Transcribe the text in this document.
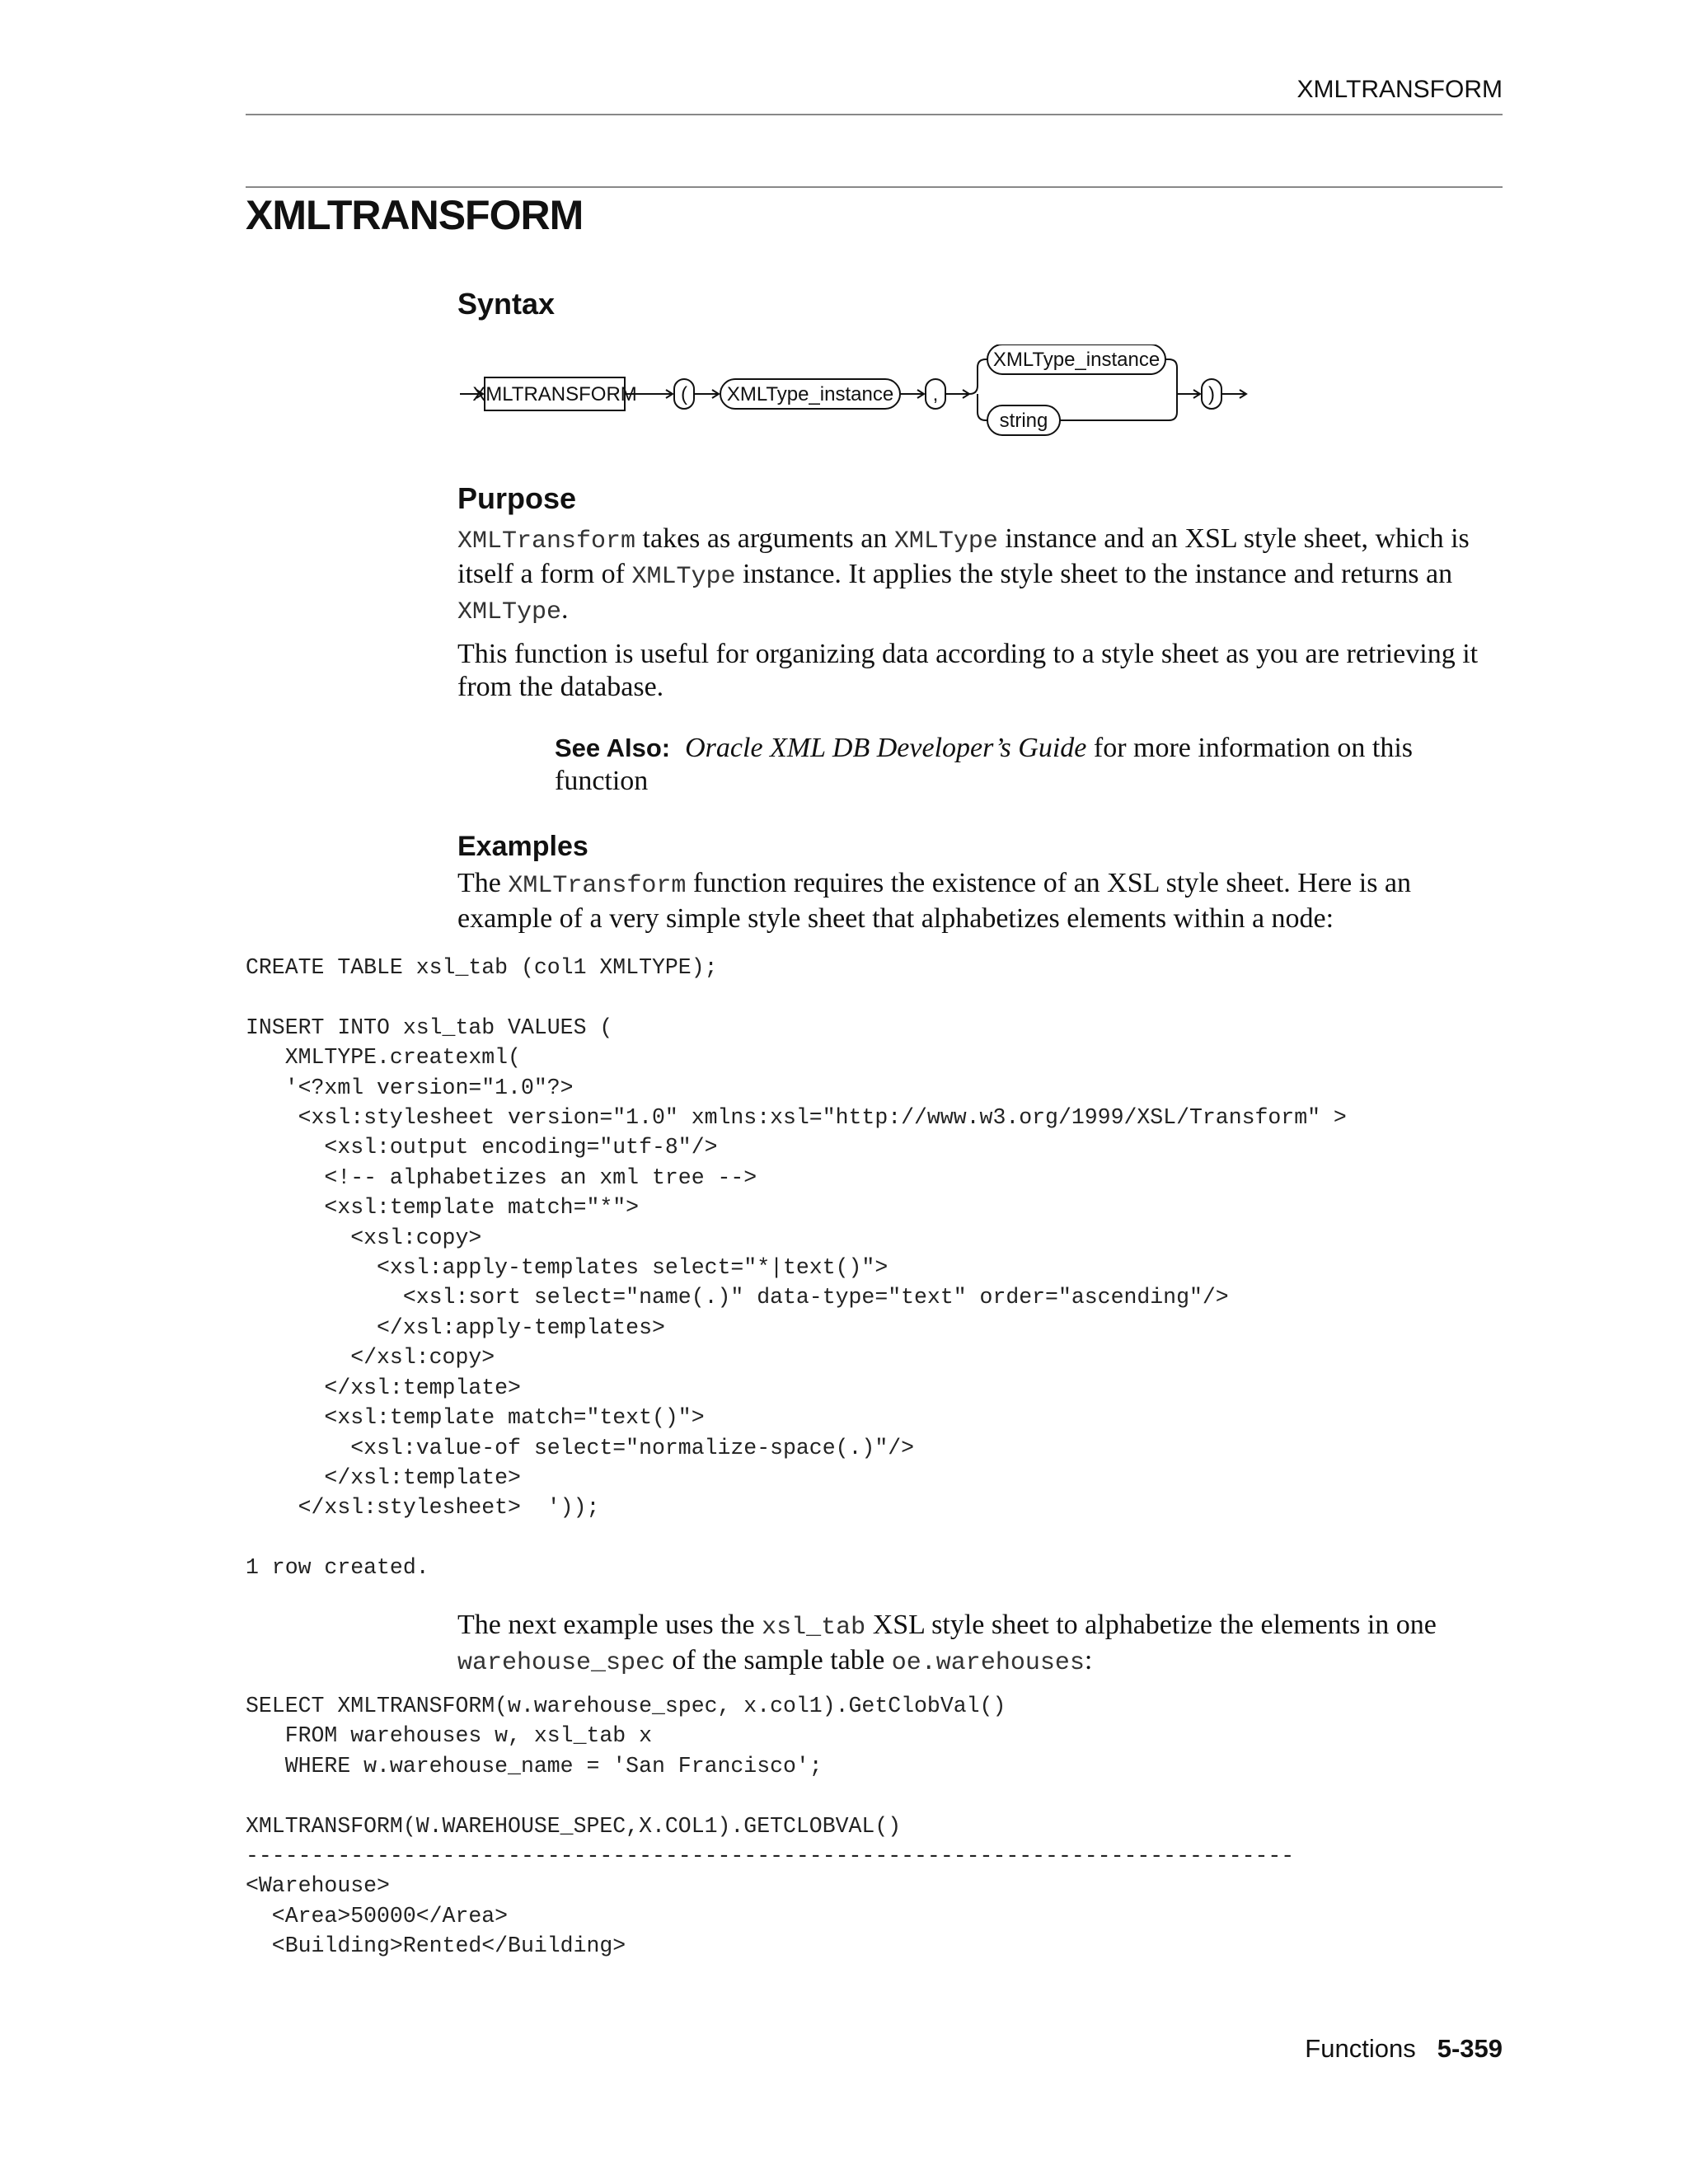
XMLTRANSFORM
XMLTRANSFORM
Syntax
XMLTRANSFORM ( XMLType_instance ,
XMLType_instance
string
)
Purpose
XMLTransform takes as arguments an XMLType instance and an XSL style sheet, which is itself a form of XMLType instance. It applies the style sheet to the instance and returns an XMLType.
This function is useful for organizing data according to a style sheet as you are retrieving it from the database.
See Also: Oracle XML DB Developer’s Guide for more information on this function
Examples
The XMLTransform function requires the existence of an XSL style sheet. Here is an example of a very simple style sheet that alphabetizes elements within a node:
CREATE TABLE xsl_tab (col1 XMLTYPE);

INSERT INTO xsl_tab VALUES (
XMLTYPE.createxml(
'<?xml version="1.0"?>
<xsl:stylesheet version="1.0" xmlns:xsl="http://www.w3.org/1999/XSL/Transform" >
<xsl:output encoding="utf-8"/>
<!-- alphabetizes an xml tree -->
<xsl:template match="*">
<xsl:copy>
<xsl:apply-templates select="*|text()">
<xsl:sort select="name(.)" data-type="text" order="ascending"/>
</xsl:apply-templates>
</xsl:copy>
</xsl:template>
<xsl:template match="text()">
<xsl:value-of select="normalize-space(.)"/>
</xsl:template>
</xsl:stylesheet>  '));

1 row created.
The next example uses the xsl_tab XSL style sheet to alphabetize the elements in one warehouse_spec of the sample table oe.warehouses:
SELECT XMLTRANSFORM(w.warehouse_spec, x.col1).GetClobVal()
FROM warehouses w, xsl_tab x
WHERE w.warehouse_name = 'San Francisco';

XMLTRANSFORM(W.WAREHOUSE_SPEC,X.COL1).GETCLOBVAL()
--------------------------------------------------------------------------------
<Warehouse>
<Area>50000</Area>
<Building>Rented</Building>
Functions 5-359
